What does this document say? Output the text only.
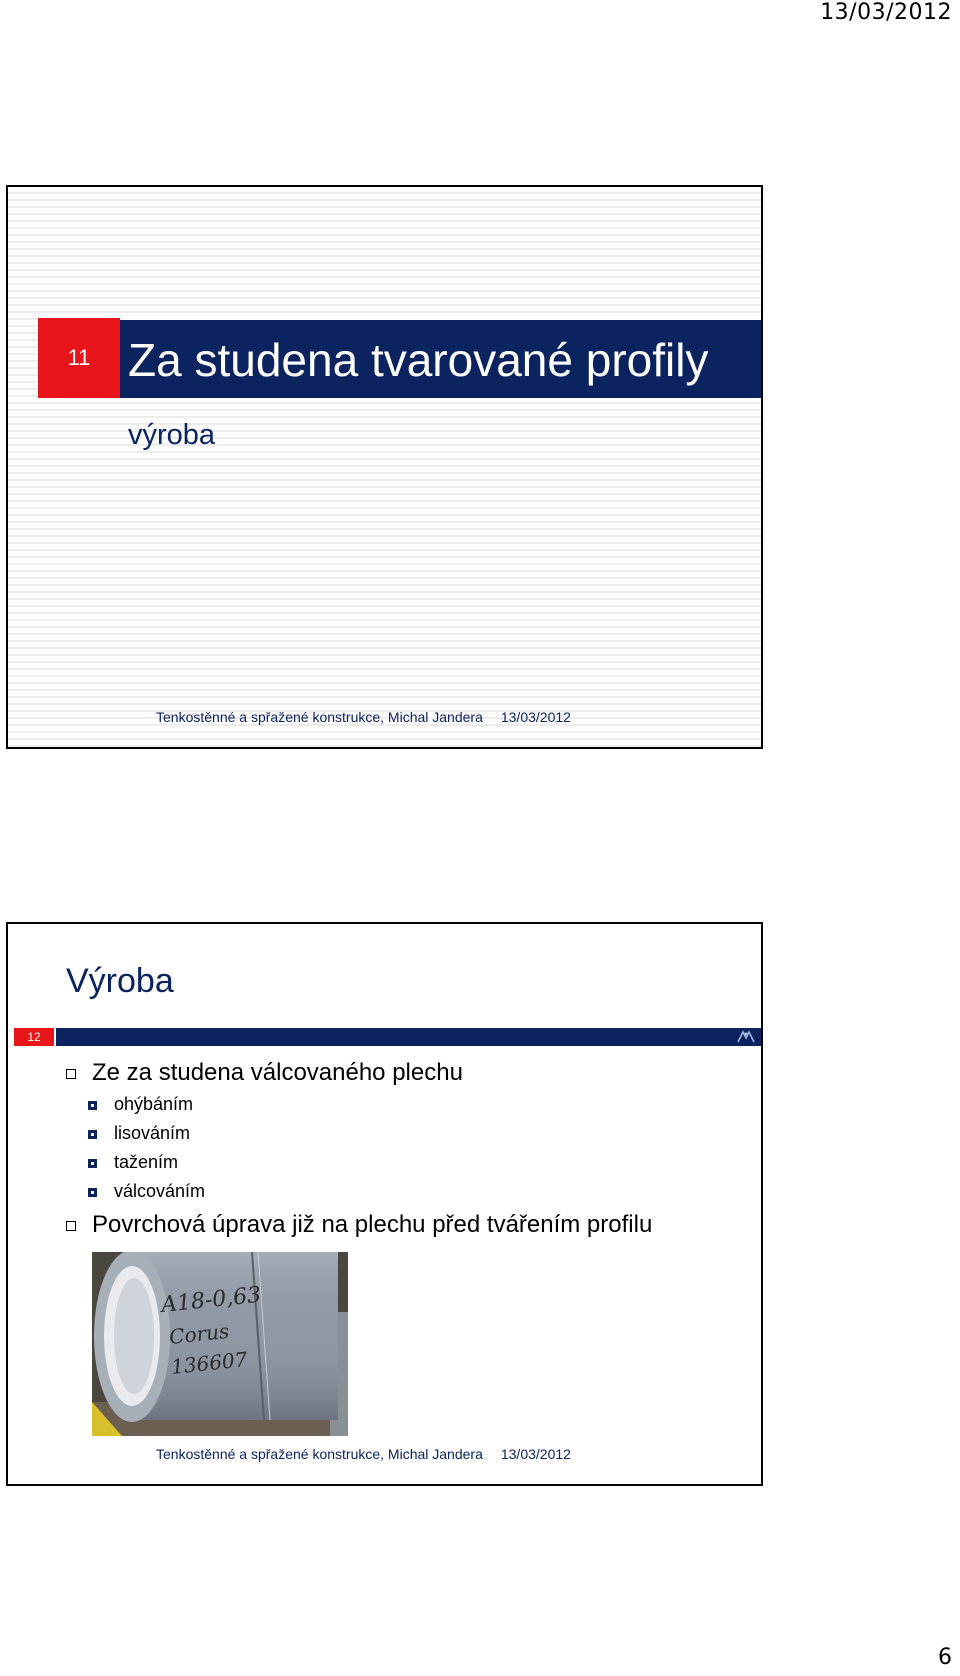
13/03/2012
11 Za studena tvarované profily
výroba
Tenkostěnné a spřažené konstrukce, Michal Jandera 13/03/2012
Výroba
12
Ze za studena válcovaného plechu
ohýbáním
lisováním
tažením
válcováním
Povrchová úprava již na plechu před tvářením profilu
A18-0,63
Corus
136607
Tenkostěnné a spřažené konstrukce, Michal Jandera 13/03/2012
6
